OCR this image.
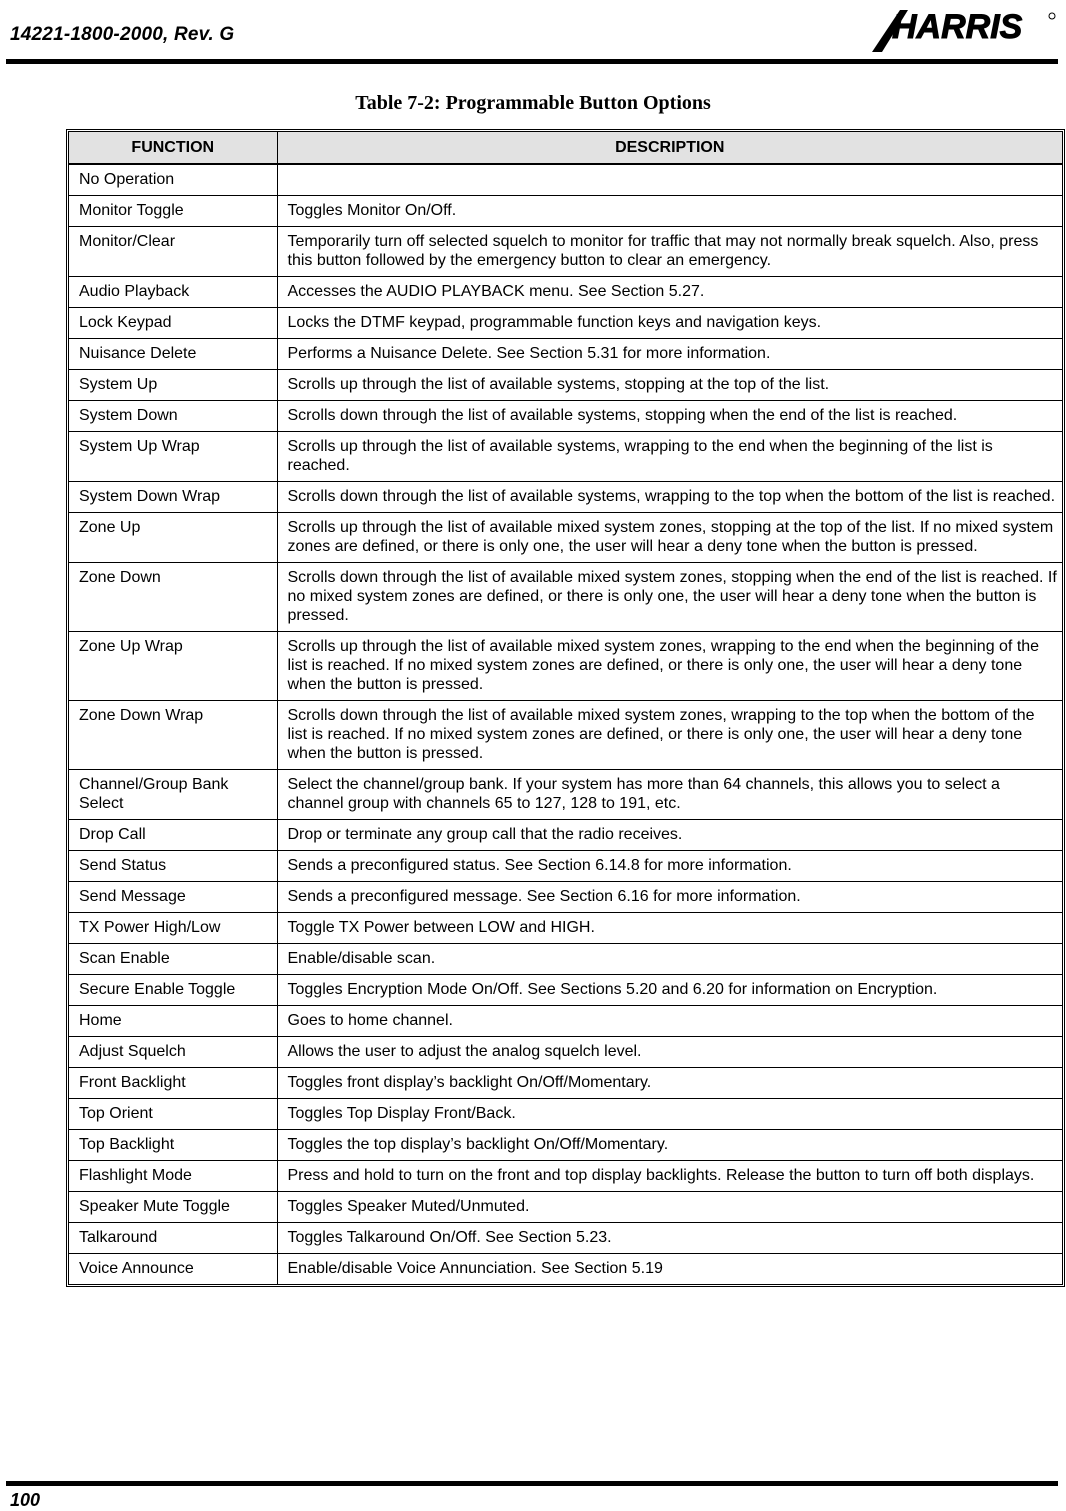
14221-1800-2000, Rev. G	HARRIS
Table 7-2: Programmable Button Options
FUNCTION	DESCRIPTION
No Operation	
Monitor Toggle	Toggles Monitor On/Off.
Monitor/Clear	Temporarily turn off selected squelch to monitor for traffic that may not normally break squelch. Also, press this button followed by the emergency button to clear an emergency.
Audio Playback	Accesses the AUDIO PLAYBACK menu. See Section 5.27.
Lock Keypad	Locks the DTMF keypad, programmable function keys and navigation keys.
Nuisance Delete	Performs a Nuisance Delete. See Section 5.31 for more information.
System Up	Scrolls up through the list of available systems, stopping at the top of the list.
System Down	Scrolls down through the list of available systems, stopping when the end of the list is reached.
System Up Wrap	Scrolls up through the list of available systems, wrapping to the end when the beginning of the list is reached.
System Down Wrap	Scrolls down through the list of available systems, wrapping to the top when the bottom of the list is reached.
Zone Up	Scrolls up through the list of available mixed system zones, stopping at the top of the list. If no mixed system zones are defined, or there is only one, the user will hear a deny tone when the button is pressed.
Zone Down	Scrolls down through the list of available mixed system zones, stopping when the end of the list is reached. If no mixed system zones are defined, or there is only one, the user will hear a deny tone when the button is pressed.
Zone Up Wrap	Scrolls up through the list of available mixed system zones, wrapping to the end when the beginning of the list is reached. If no mixed system zones are defined, or there is only one, the user will hear a deny tone when the button is pressed.
Zone Down Wrap	Scrolls down through the list of available mixed system zones, wrapping to the top when the bottom of the list is reached. If no mixed system zones are defined, or there is only one, the user will hear a deny tone when the button is pressed.
Channel/Group Bank Select	Select the channel/group bank. If your system has more than 64 channels, this allows you to select a channel group with channels 65 to 127, 128 to 191, etc.
Drop Call	Drop or terminate any group call that the radio receives.
Send Status	Sends a preconfigured status. See Section 6.14.8 for more information.
Send Message	Sends a preconfigured message. See Section 6.16 for more information.
TX Power High/Low	Toggle TX Power between LOW and HIGH.
Scan Enable	Enable/disable scan.
Secure Enable Toggle	Toggles Encryption Mode On/Off. See Sections 5.20 and 6.20 for information on Encryption.
Home	Goes to home channel.
Adjust Squelch	Allows the user to adjust the analog squelch level.
Front Backlight	Toggles front display’s backlight On/Off/Momentary.
Top Orient	Toggles Top Display Front/Back.
Top Backlight	Toggles the top display’s backlight On/Off/Momentary.
Flashlight Mode	Press and hold to turn on the front and top display backlights. Release the button to turn off both displays.
Speaker Mute Toggle	Toggles Speaker Muted/Unmuted.
Talkaround	Toggles Talkaround On/Off. See Section 5.23.
Voice Announce	Enable/disable Voice Annunciation. See Section 5.19
100
